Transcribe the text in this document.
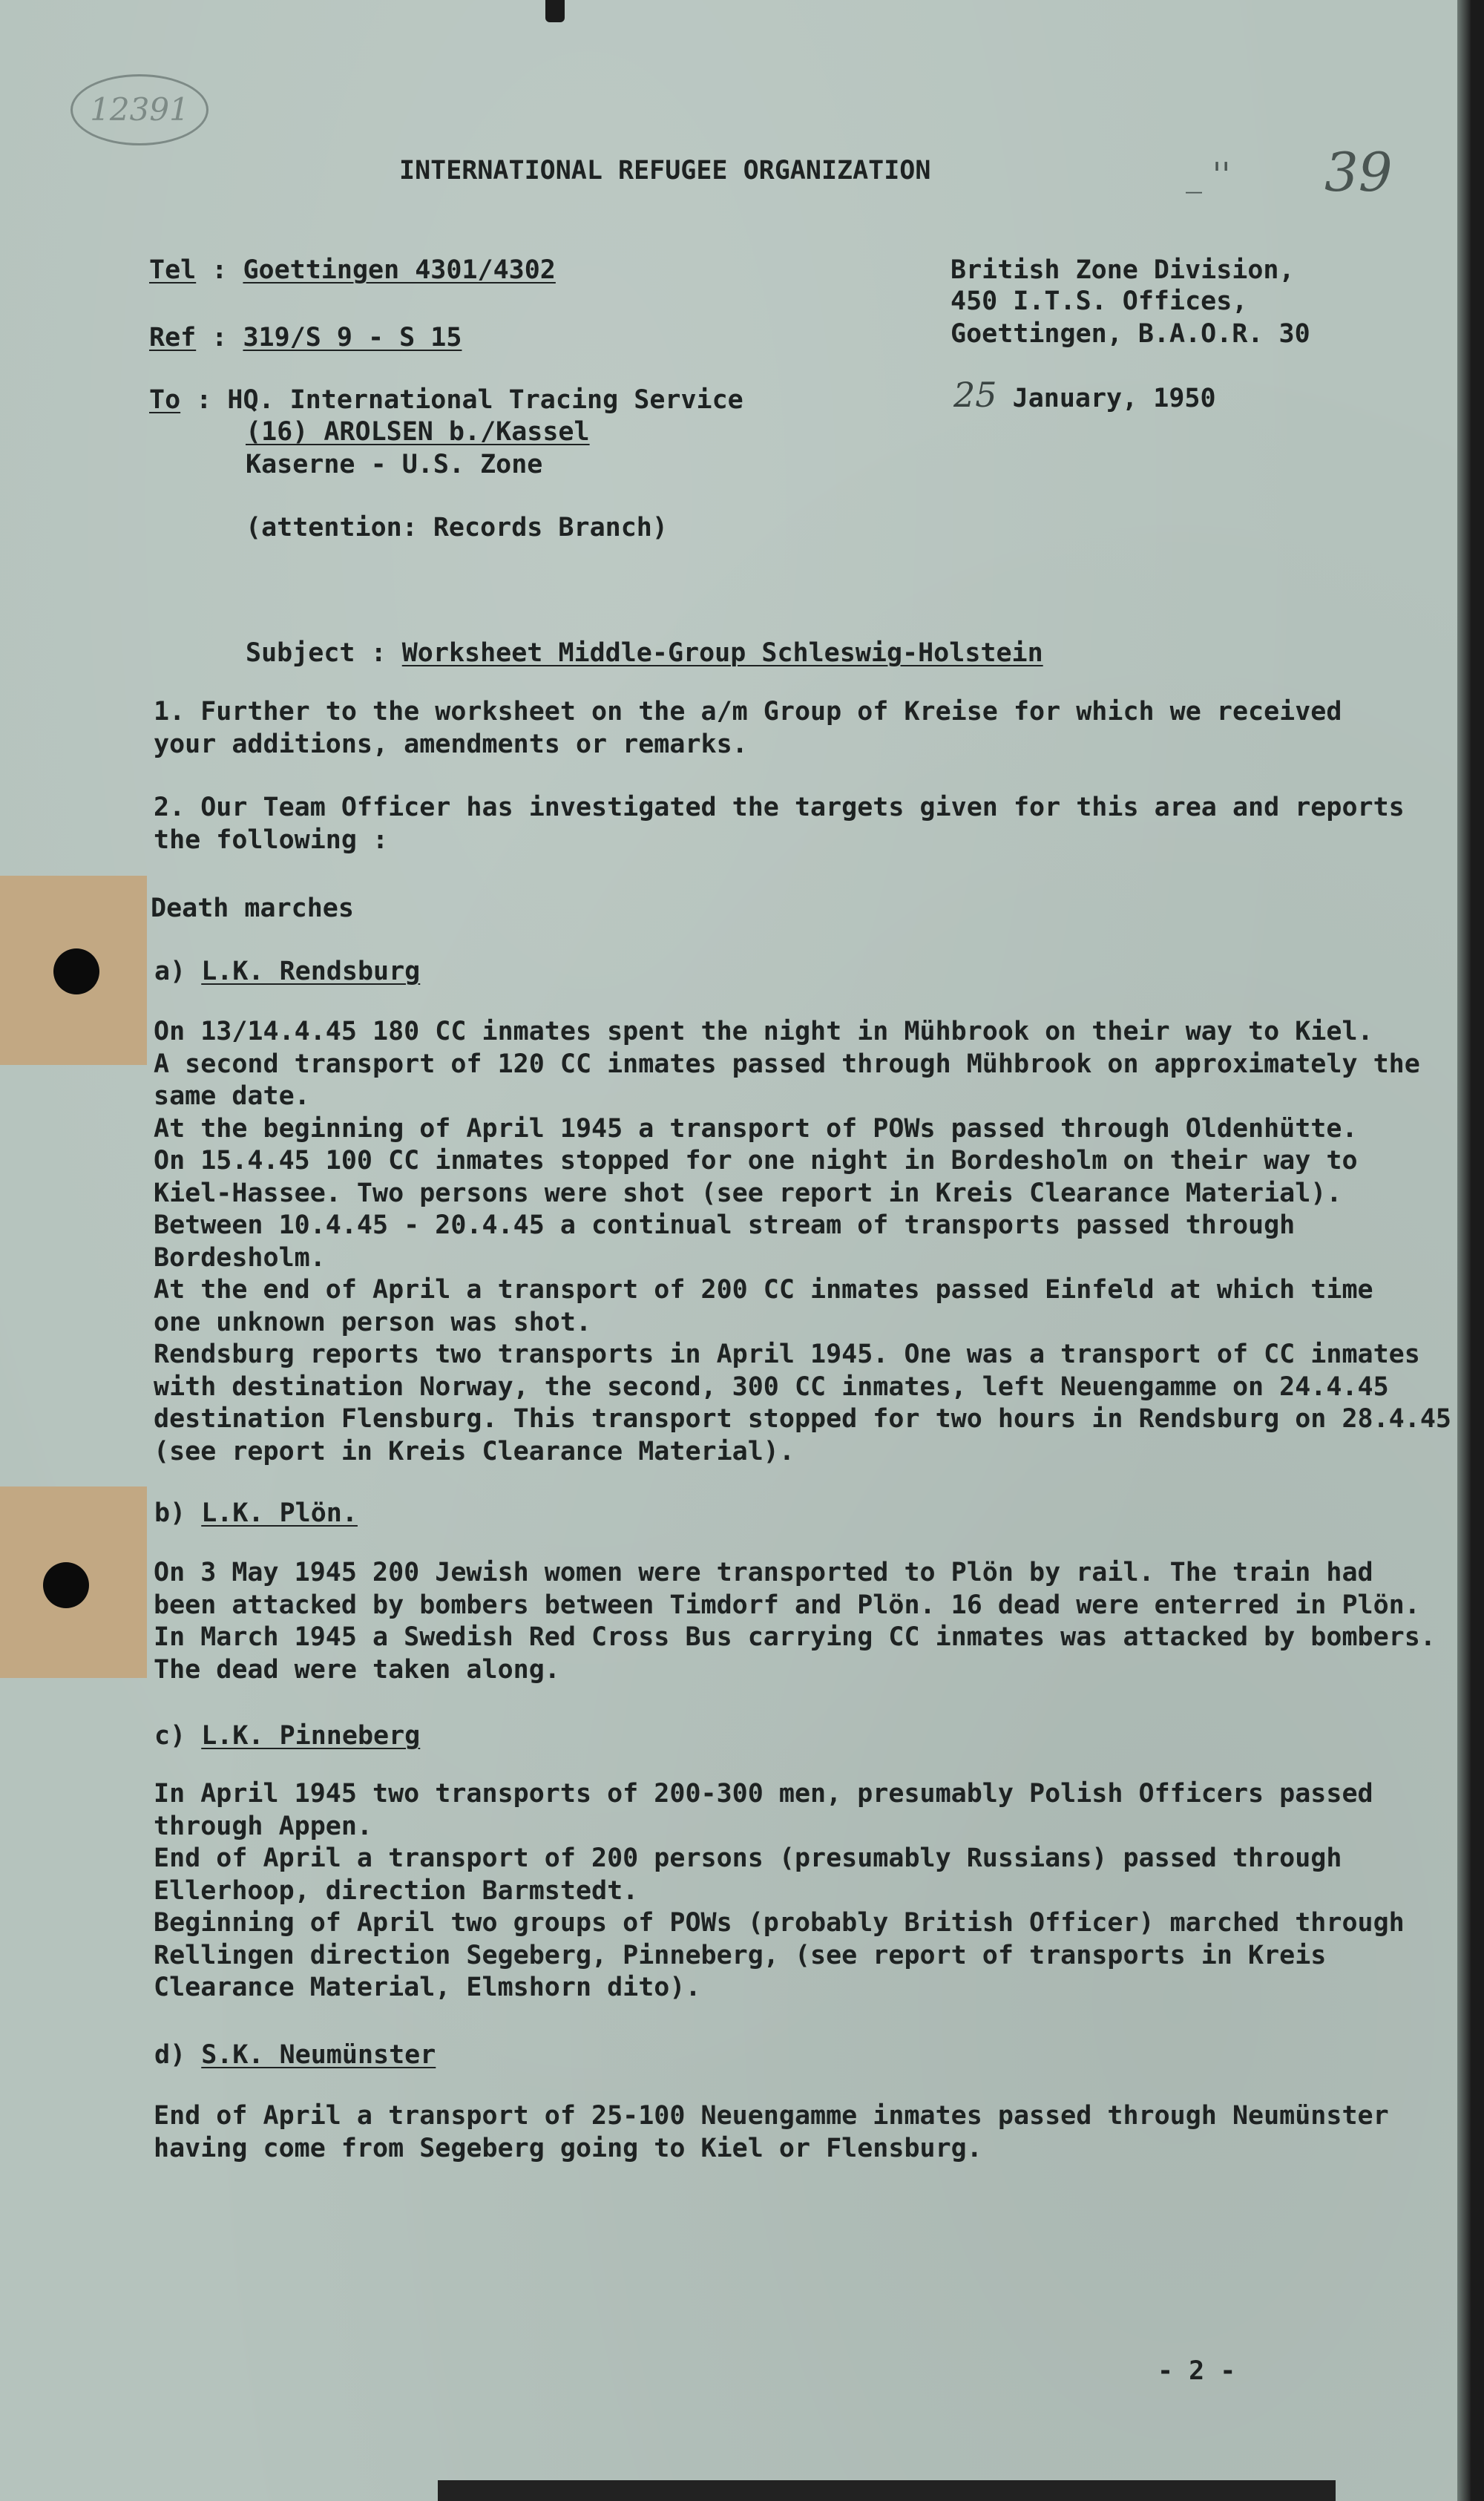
12391
39
_ ''
INTERNATIONAL REFUGEE ORGANIZATION
Tel : Goettingen 4301/4302
Ref : 319/S 9 - S 15
To : HQ. International Tracing Service
(16) AROLSEN b./Kassel
Kaserne - U.S. Zone
(attention: Records Branch)
British Zone Division,
450 I.T.S. Offices,
Goettingen, B.A.O.R. 30
25 January, 1950
Subject : Worksheet Middle-Group Schleswig-Holstein
1. Further to the worksheet on the a/m Group of Kreise for which we received
your additions, amendments or remarks.
2. Our Team Officer has investigated the targets given for this area and reports
the following :
Death marches
a) L.K. Rendsburg
On 13/14.4.45 180 CC inmates spent the night in Mühbrook on their way to Kiel.
A second transport of 120 CC inmates passed through Mühbrook on approximately the
same date.
At the beginning of April 1945 a transport of POWs passed through Oldenhütte.
On 15.4.45 100 CC inmates stopped for one night in Bordesholm on their way to
Kiel-Hassee. Two persons were shot (see report in Kreis Clearance Material).
Between 10.4.45 - 20.4.45 a continual stream of transports passed through
Bordesholm.
At the end of April a transport of 200 CC inmates passed Einfeld at which time
one unknown person was shot.
Rendsburg reports two transports in April 1945. One was a transport of CC inmates
with destination Norway, the second, 300 CC inmates, left Neuengamme on 24.4.45
destination Flensburg. This transport stopped for two hours in Rendsburg on 28.4.45
(see report in Kreis Clearance Material).
b) L.K. Plön.
On 3 May 1945 200 Jewish women were transported to Plön by rail. The train had
been attacked by bombers between Timdorf and Plön. 16 dead were enterred in Plön.
In March 1945 a Swedish Red Cross Bus carrying CC inmates was attacked by bombers.
The dead were taken along.
c) L.K. Pinneberg
In April 1945 two transports of 200-300 men, presumably Polish Officers passed
through Appen.
End of April a transport of 200 persons (presumably Russians) passed through
Ellerhoop, direction Barmstedt.
Beginning of April two groups of POWs (probably British Officer) marched through
Rellingen direction Segeberg, Pinneberg, (see report of transports in Kreis
Clearance Material, Elmshorn dito).
d) S.K. Neumünster
End of April a transport of 25-100 Neuengamme inmates passed through Neumünster
having come from Segeberg going to Kiel or Flensburg.
- 2 -
